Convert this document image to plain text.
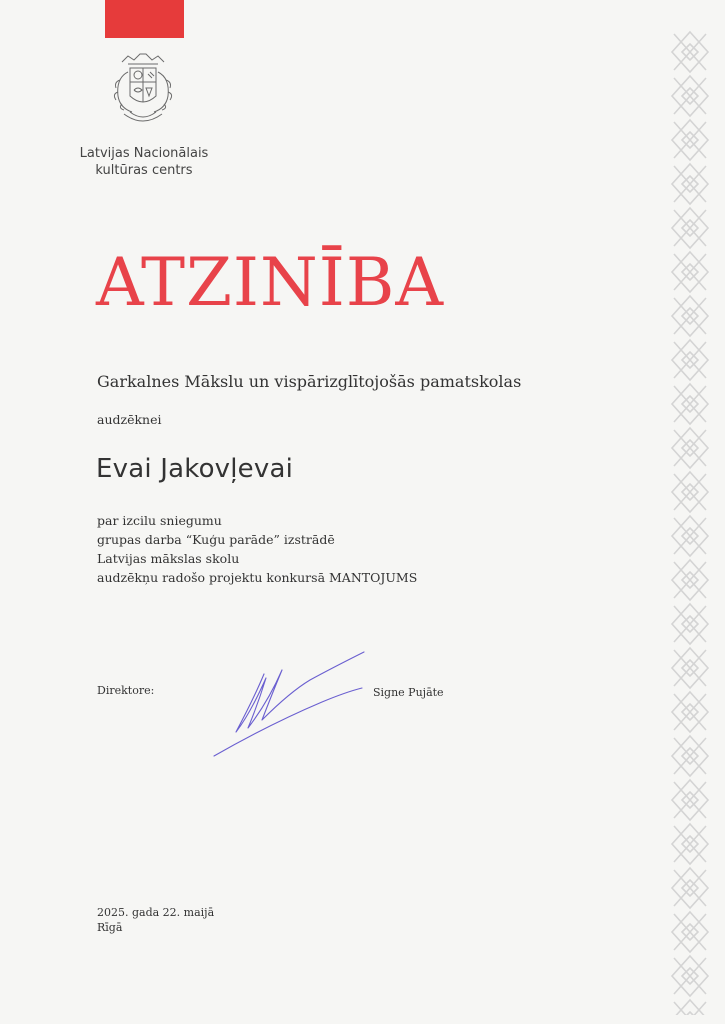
Latvijas Nacionālais
kultūras centrs
ATZINĪBA
Garkalnes Mākslu un vispārizglītojošās pamatskolas
audzēknei
Evai Jakovļevai
par izcilu sniegumu
grupas darba “Kuģu parāde” izstrādē
Latvijas mākslas skolu
audzēkņu radošo projektu konkursā MANTOJUMS
Direktore:	Signe Pujāte
2025. gada 22. maijā
Rīgā
